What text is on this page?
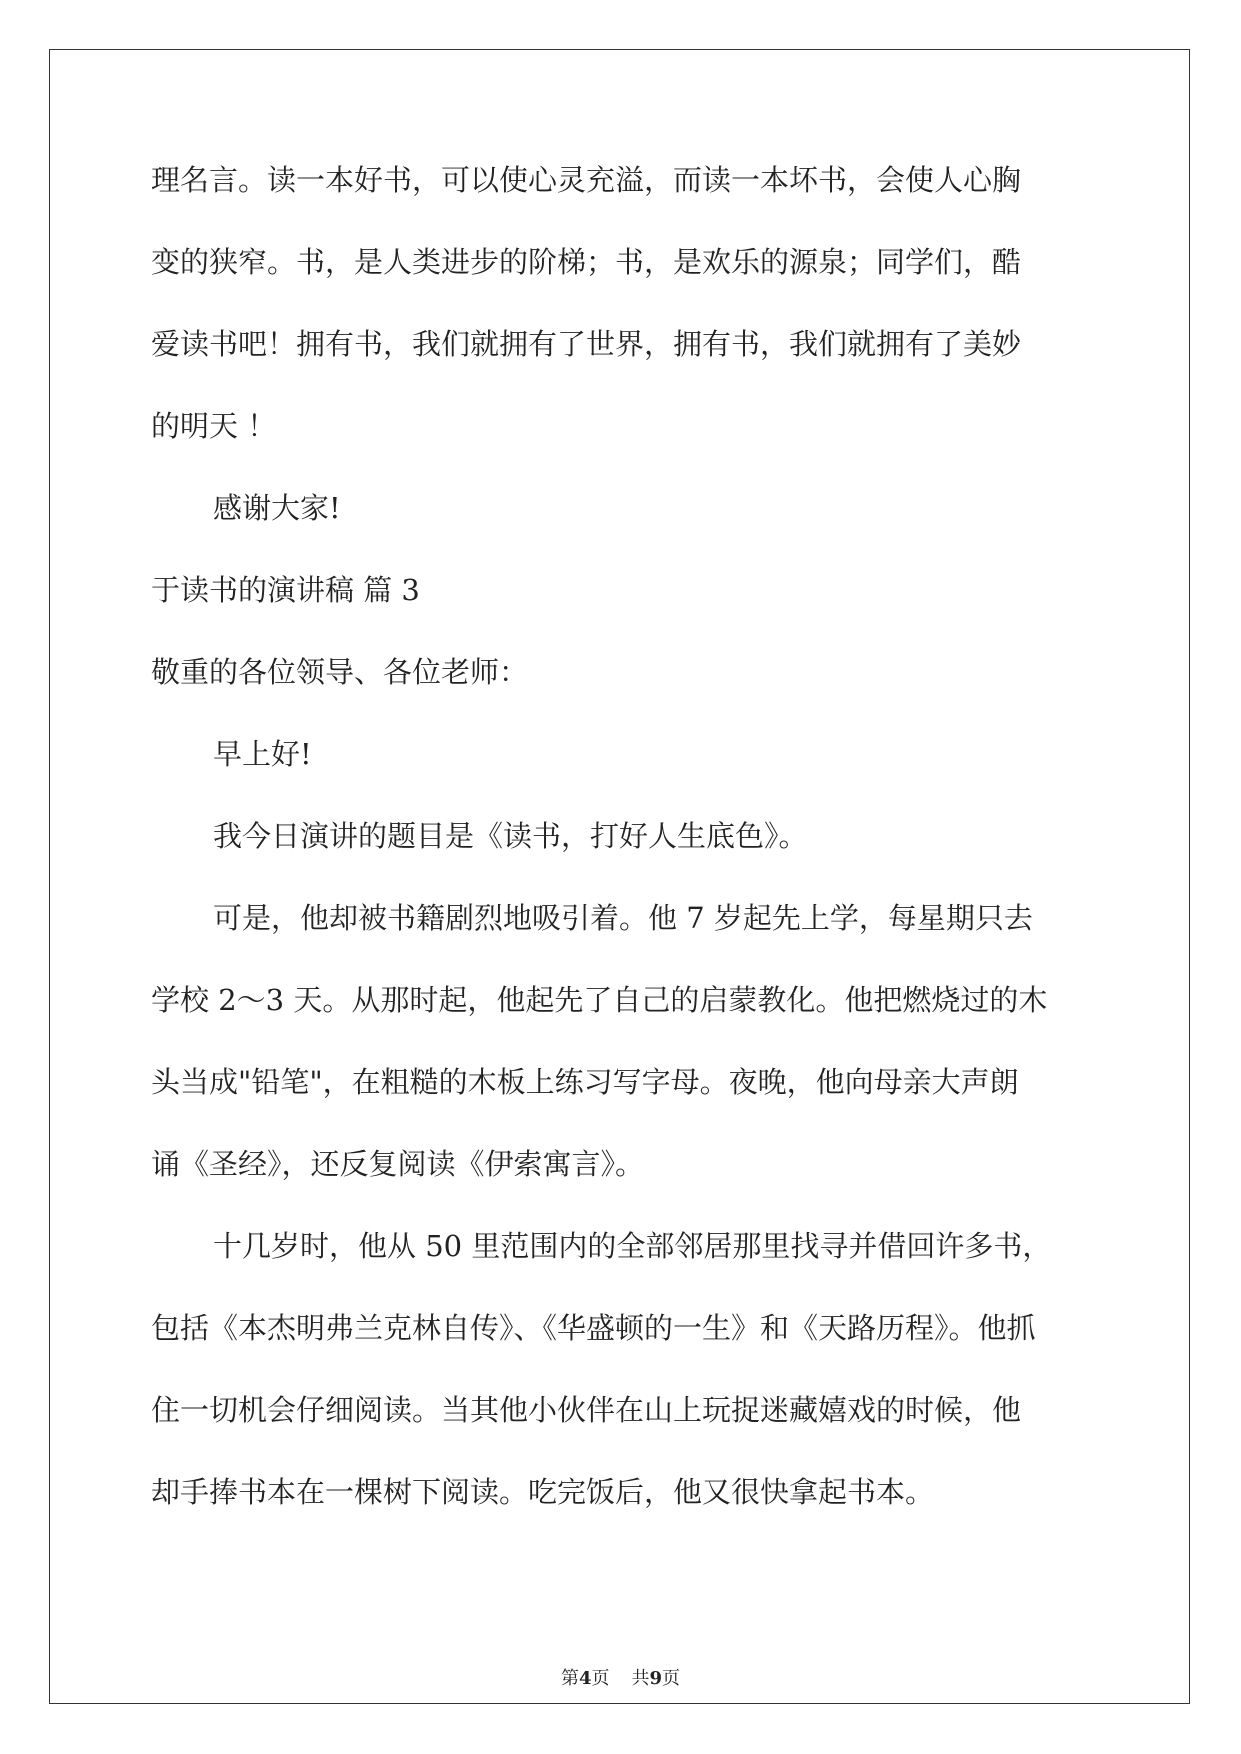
理名言。读一本好书，可以使心灵充溢，而读一本坏书，会使人心胸
变的狭窄。书，是人类进步的阶梯；书，是欢乐的源泉；同学们，酷
爱读书吧！拥有书，我们就拥有了世界，拥有书，我们就拥有了美妙
的明天 ！
感谢大家!
于读书的演讲稿 篇 3
敬重的各位领导、各位老师：
早上好!
我今日演讲的题目是《读书，打好人生底色》。
可是，他却被书籍剧烈地吸引着。他 7 岁起先上学，每星期只去
学校 2～3 天。从那时起，他起先了自己的启蒙教化。他把燃烧过的木
头当成"铅笔"，在粗糙的木板上练习写字母。夜晚，他向母亲大声朗
诵《圣经》，还反复阅读《伊索寓言》。
十几岁时，他从 50 里范围内的全部邻居那里找寻并借回许多书，
包括《本杰明弗兰克林自传》、《华盛顿的一生》和《天路历程》。他抓
住一切机会仔细阅读。当其他小伙伴在山上玩捉迷藏嬉戏的时候，他
却手捧书本在一棵树下阅读。吃完饭后，他又很快拿起书本。
第4页 共9页
